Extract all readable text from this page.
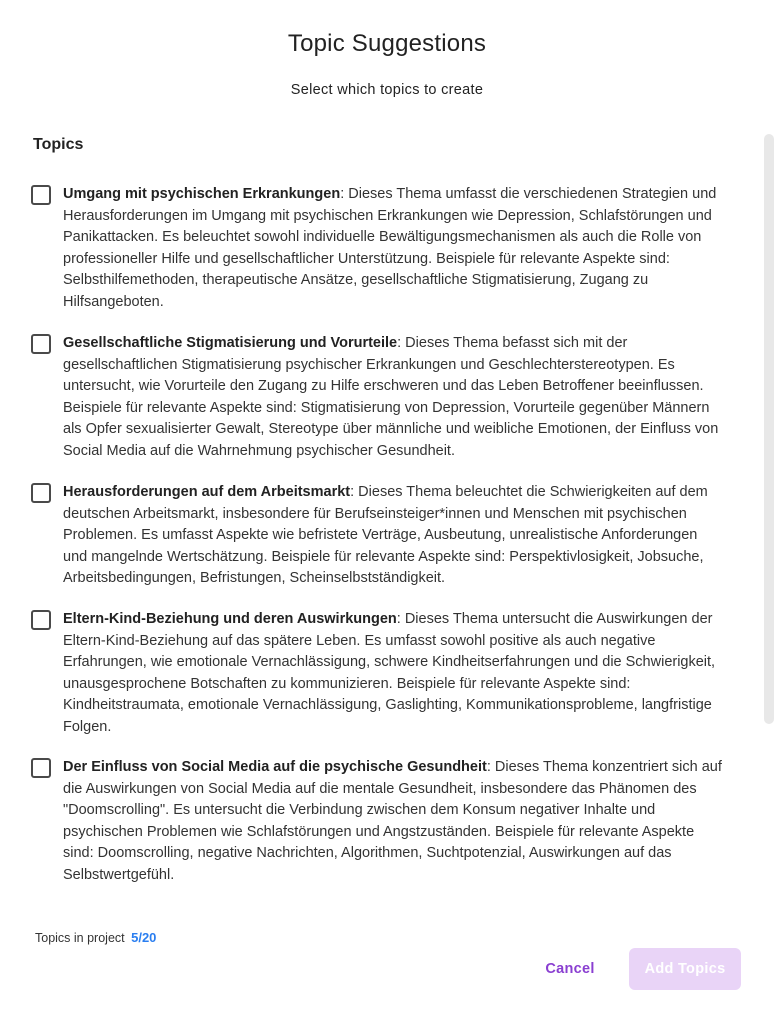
Topic Suggestions
Select which topics to create
Topics
Umgang mit psychischen Erkrankungen: Dieses Thema umfasst die verschiedenen Strategien und Herausforderungen im Umgang mit psychischen Erkrankungen wie Depression, Schlafstörungen und Panikattacken. Es beleuchtet sowohl individuelle Bewältigungsmechanismen als auch die Rolle von professioneller Hilfe und gesellschaftlicher Unterstützung. Beispiele für relevante Aspekte sind: Selbsthilfemethoden, therapeutische Ansätze, gesellschaftliche Stigmatisierung, Zugang zu Hilfsangeboten.
Gesellschaftliche Stigmatisierung und Vorurteile: Dieses Thema befasst sich mit der gesellschaftlichen Stigmatisierung psychischer Erkrankungen und Geschlechterstereotypen. Es untersucht, wie Vorurteile den Zugang zu Hilfe erschweren und das Leben Betroffener beeinflussen. Beispiele für relevante Aspekte sind: Stigmatisierung von Depression, Vorurteile gegenüber Männern als Opfer sexualisierter Gewalt, Stereotype über männliche und weibliche Emotionen, der Einfluss von Social Media auf die Wahrnehmung psychischer Gesundheit.
Herausforderungen auf dem Arbeitsmarkt: Dieses Thema beleuchtet die Schwierigkeiten auf dem deutschen Arbeitsmarkt, insbesondere für Berufseinsteiger*innen und Menschen mit psychischen Problemen. Es umfasst Aspekte wie befristete Verträge, Ausbeutung, unrealistische Anforderungen und mangelnde Wertschätzung. Beispiele für relevante Aspekte sind: Perspektivlosigkeit, Jobsuche, Arbeitsbedingungen, Befristungen, Scheinselbstständigkeit.
Eltern-Kind-Beziehung und deren Auswirkungen: Dieses Thema untersucht die Auswirkungen der Eltern-Kind-Beziehung auf das spätere Leben. Es umfasst sowohl positive als auch negative Erfahrungen, wie emotionale Vernachlässigung, schwere Kindheitserfahrungen und die Schwierigkeit, unausgesprochene Botschaften zu kommunizieren. Beispiele für relevante Aspekte sind: Kindheitstraumata, emotionale Vernachlässigung, Gaslighting, Kommunikationsprobleme, langfristige Folgen.
Der Einfluss von Social Media auf die psychische Gesundheit: Dieses Thema konzentriert sich auf die Auswirkungen von Social Media auf die mentale Gesundheit, insbesondere das Phänomen des "Doomscrolling". Es untersucht die Verbindung zwischen dem Konsum negativer Inhalte und psychischen Problemen wie Schlafstörungen und Angstzuständen. Beispiele für relevante Aspekte sind: Doomscrolling, negative Nachrichten, Algorithmen, Suchtpotenzial, Auswirkungen auf das Selbstwertgefühl.
Topics in project 5/20
Cancel	Add Topics
